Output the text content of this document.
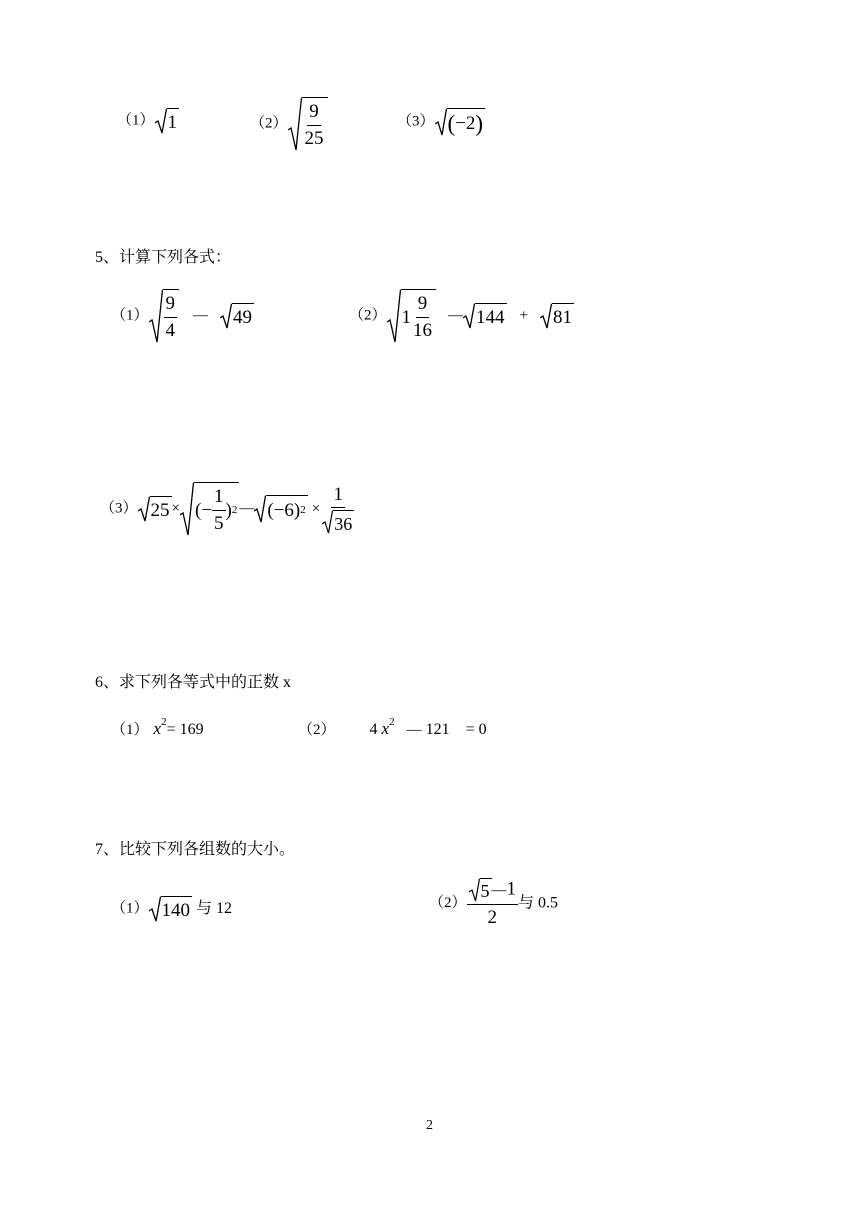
（1） 1	$(2) \frac{9}{25}$	（3） ( −2 )
5、计算下列各式：
$(1) \frac{9}{4}$ — 49	（2） $1 \frac{9}{16}$ — 144 + 81
（3） 25 × ( − $\frac{1}{5}$ ) 2 — (−6) $2 \times \frac{1}{36}$
6、求下列各等式中的正数 x
（1） $x^2= 169$	（2） 4 $x^2$ — 121 = 0
7、比较下列各组数的大小。
（1） 140 与 12	$(2) \frac{5 —1}{2}$ 与 0.5
2
